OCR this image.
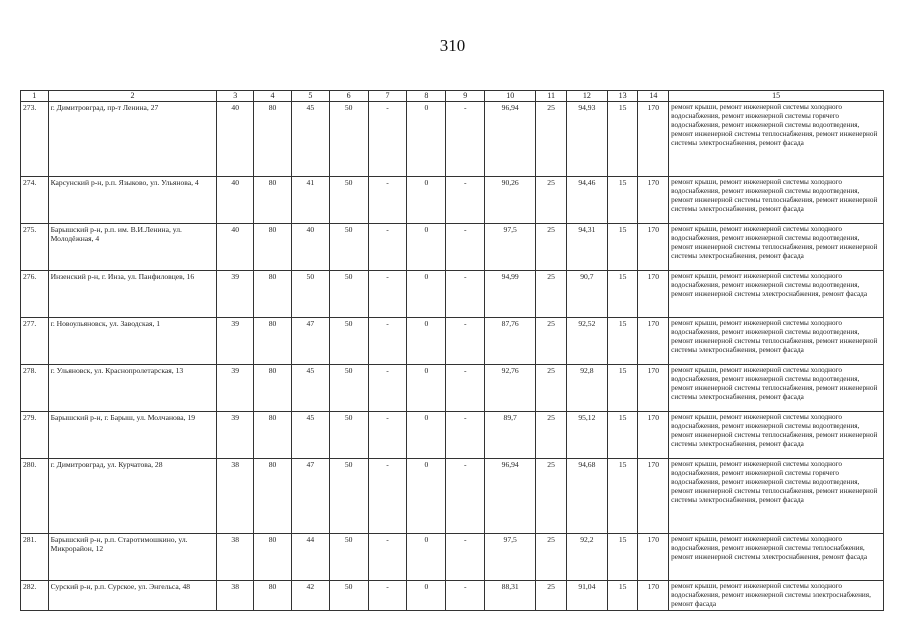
310
1	2	3	4	5	6	7	8	9	10	11	12	13	14	15
273.	г. Димитровград, пр-т Ленина, 27	40	80	45	50	-	0	-	96,94	25	94,93	15	170	ремонт крыши, ремонт инженерной системы холодного водоснабжения, ремонт инженерной системы горячего водоснабжения, ремонт инженерной системы водоотведения, ремонт инженерной системы теплоснабжения, ремонт инженерной системы электроснабжения, ремонт фасада
274.	Карсунский р-н, р.п. Языково, ул. Ульянова, 4	40	80	41	50	-	0	-	90,26	25	94,46	15	170	ремонт крыши, ремонт инженерной системы холодного водоснабжения, ремонт инженерной системы водоотведения, ремонт инженерной системы теплоснабжения, ремонт инженерной системы электроснабжения, ремонт фасада
275.	Барышский р-н, р.п. им. В.И.Ленина, ул. Молодёжная, 4	40	80	40	50	-	0	-	97,5	25	94,31	15	170	ремонт крыши, ремонт инженерной системы холодного водоснабжения, ремонт инженерной системы водоотведения, ремонт инженерной системы теплоснабжения, ремонт инженерной системы электроснабжения, ремонт фасада
276.	Инзенский р-н, г. Инза, ул. Панфиловцев, 16	39	80	50	50	-	0	-	94,99	25	90,7	15	170	ремонт крыши, ремонт инженерной системы холодного водоснабжения, ремонт инженерной системы водоотведения, ремонт инженерной системы электроснабжения, ремонт фасада
277.	г. Новоульяновск, ул. Заводская, 1	39	80	47	50	-	0	-	87,76	25	92,52	15	170	ремонт крыши, ремонт инженерной системы холодного водоснабжения, ремонт инженерной системы водоотведения, ремонт инженерной системы теплоснабжения, ремонт инженерной системы электроснабжения, ремонт фасада
278.	г. Ульяновск, ул. Краснопролетарская, 13	39	80	45	50	-	0	-	92,76	25	92,8	15	170	ремонт крыши, ремонт инженерной системы холодного водоснабжения, ремонт инженерной системы водоотведения, ремонт инженерной системы теплоснабжения, ремонт инженерной системы электроснабжения, ремонт фасада
279.	Барышский р-н, г. Барыш, ул. Молчанова, 19	39	80	45	50	-	0	-	89,7	25	95,12	15	170	ремонт крыши, ремонт инженерной системы холодного водоснабжения, ремонт инженерной системы водоотведения, ремонт инженерной системы теплоснабжения, ремонт инженерной системы электроснабжения, ремонт фасада
280.	г. Димитровград, ул. Курчатова, 28	38	80	47	50	-	0	-	96,94	25	94,68	15	170	ремонт крыши, ремонт инженерной системы холодного водоснабжения, ремонт инженерной системы горячего водоснабжения, ремонт инженерной системы водоотведения, ремонт инженерной системы теплоснабжения, ремонт инженерной системы электроснабжения, ремонт фасада
281.	Барышский р-н, р.п. Старотимошкино, ул. Микрорайон, 12	38	80	44	50	-	0	-	97,5	25	92,2	15	170	ремонт крыши, ремонт инженерной системы холодного водоснабжения, ремонт инженерной системы теплоснабжения, ремонт инженерной системы электроснабжения, ремонт фасада
282.	Сурский р-н, р.п. Сурское, ул. Энгельса, 48	38	80	42	50	-	0	-	88,31	25	91,04	15	170	ремонт крыши, ремонт инженерной системы холодного водоснабжения, ремонт инженерной системы электроснабжения, ремонт фасада
